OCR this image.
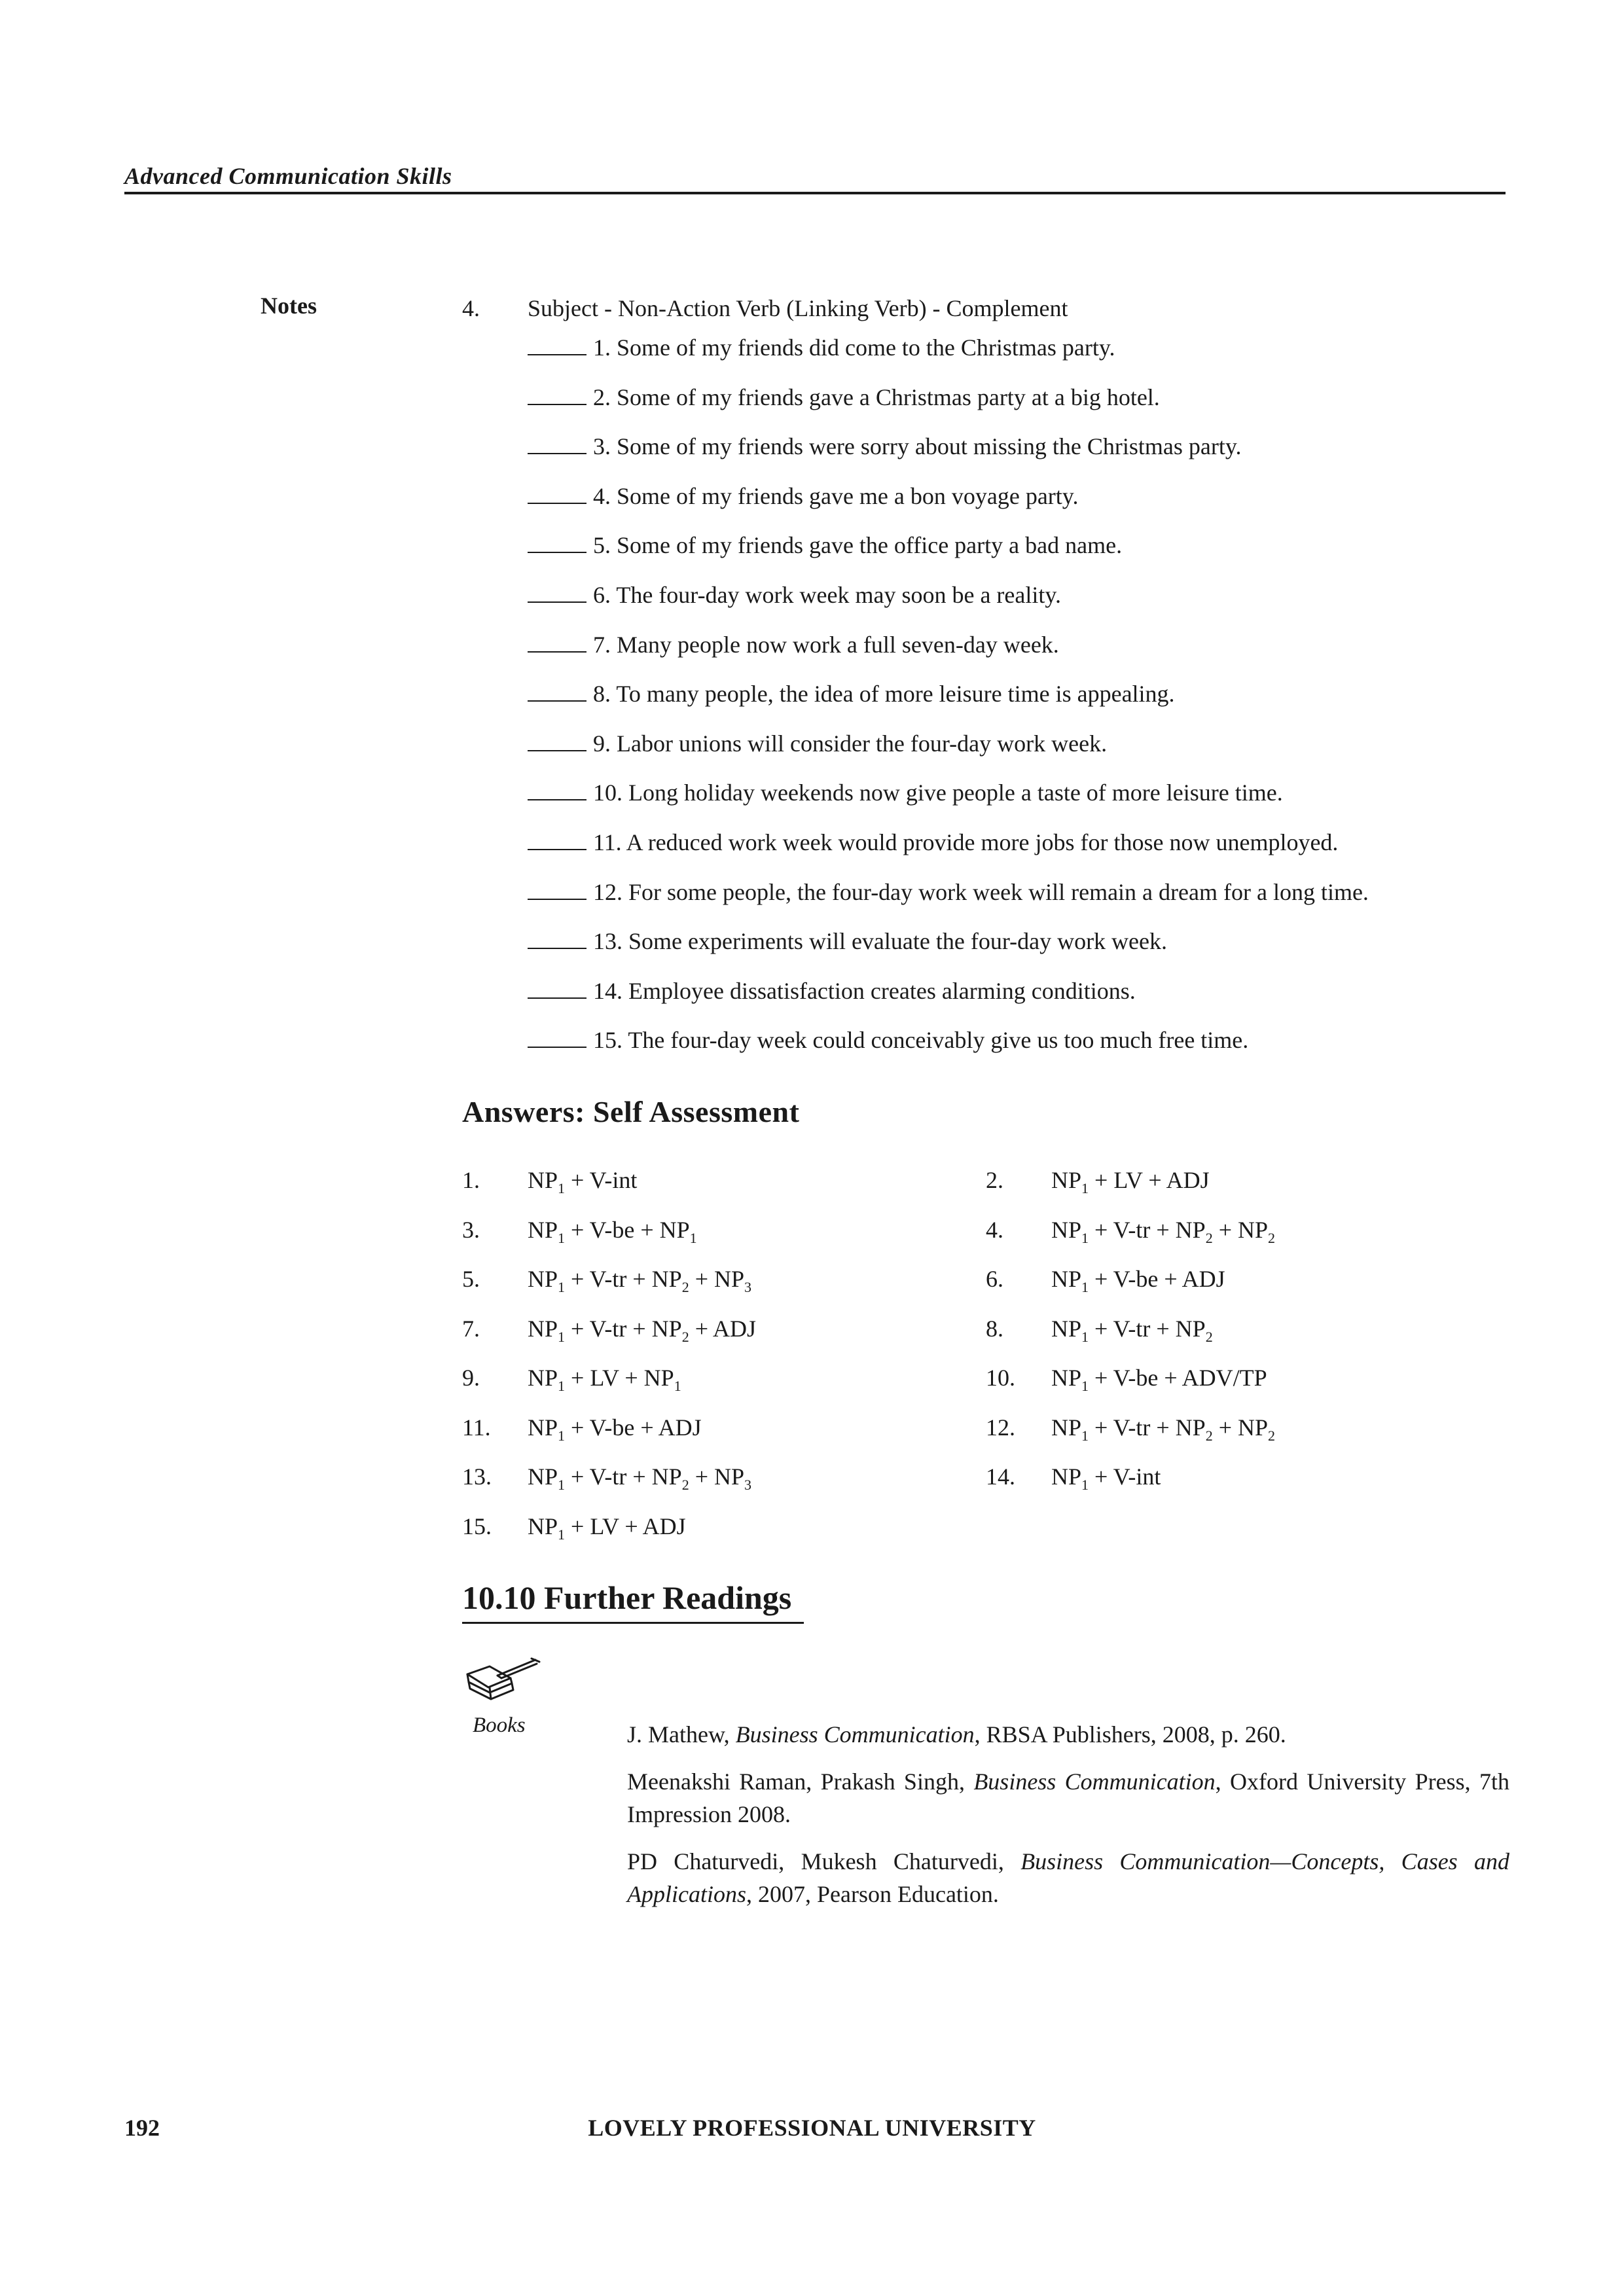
Advanced Communication Skills
Notes	4.	Subject - Non-Action Verb (Linking Verb) - Complement
1. Some of my friends did come to the Christmas party.
2. Some of my friends gave a Christmas party at a big hotel.
3. Some of my friends were sorry about missing the Christmas party.
4. Some of my friends gave me a bon voyage party.
5. Some of my friends gave the office party a bad name.
6. The four-day work week may soon be a reality.
7. Many people now work a full seven-day week.
8. To many people, the idea of more leisure time is appealing.
9. Labor unions will consider the four-day work week.
10. Long holiday weekends now give people a taste of more leisure time.
11. A reduced work week would provide more jobs for those now unemployed.
12. For some people, the four-day work week will remain a dream for a long time.
13. Some experiments will evaluate the four-day work week.
14. Employee dissatisfaction creates alarming conditions.
15. The four-day week could conceivably give us too much free time.
Answers: Self Assessment
1.	$NP_1 + V-int$	2.	$NP_1$ + LV + ADJ
3.	$NP_1 + V-be + NP_1$	4.	$NP_1 + V-tr + NP_2 + NP_2$
5.	$NP_1 + V-tr + NP_2 + NP_3$	6.	$NP_1 + V-be$ + ADJ
7.	$NP_1 + V-tr + NP_2$ + ADJ	8.	$NP_1 + V-tr + NP_2$
9.	$NP_1$ + LV + $NP_1$	10.	$NP_1 + V-be + ADV/TP$
11.	$NP_1 + V-be$ + ADJ	12.	$NP_1 + V-tr + NP_2 + NP_2$
13.	$NP_1 + V-tr + NP_2 + NP_3$	14.	$NP_1 + V-int$
15.	$NP_1$ + LV + ADJ
10.10 Further Readings
Books	J. Mathew, Business Communication, RBSA Publishers, 2008, p. 260.

Meenakshi Raman, Prakash Singh, Business Communication, Oxford University Press, 7th Impression 2008.

PD Chaturvedi, Mukesh Chaturvedi, Business Communication—Concepts, Cases and Applications, 2007, Pearson Education.

192	LOVELY PROFESSIONAL UNIVERSITY
